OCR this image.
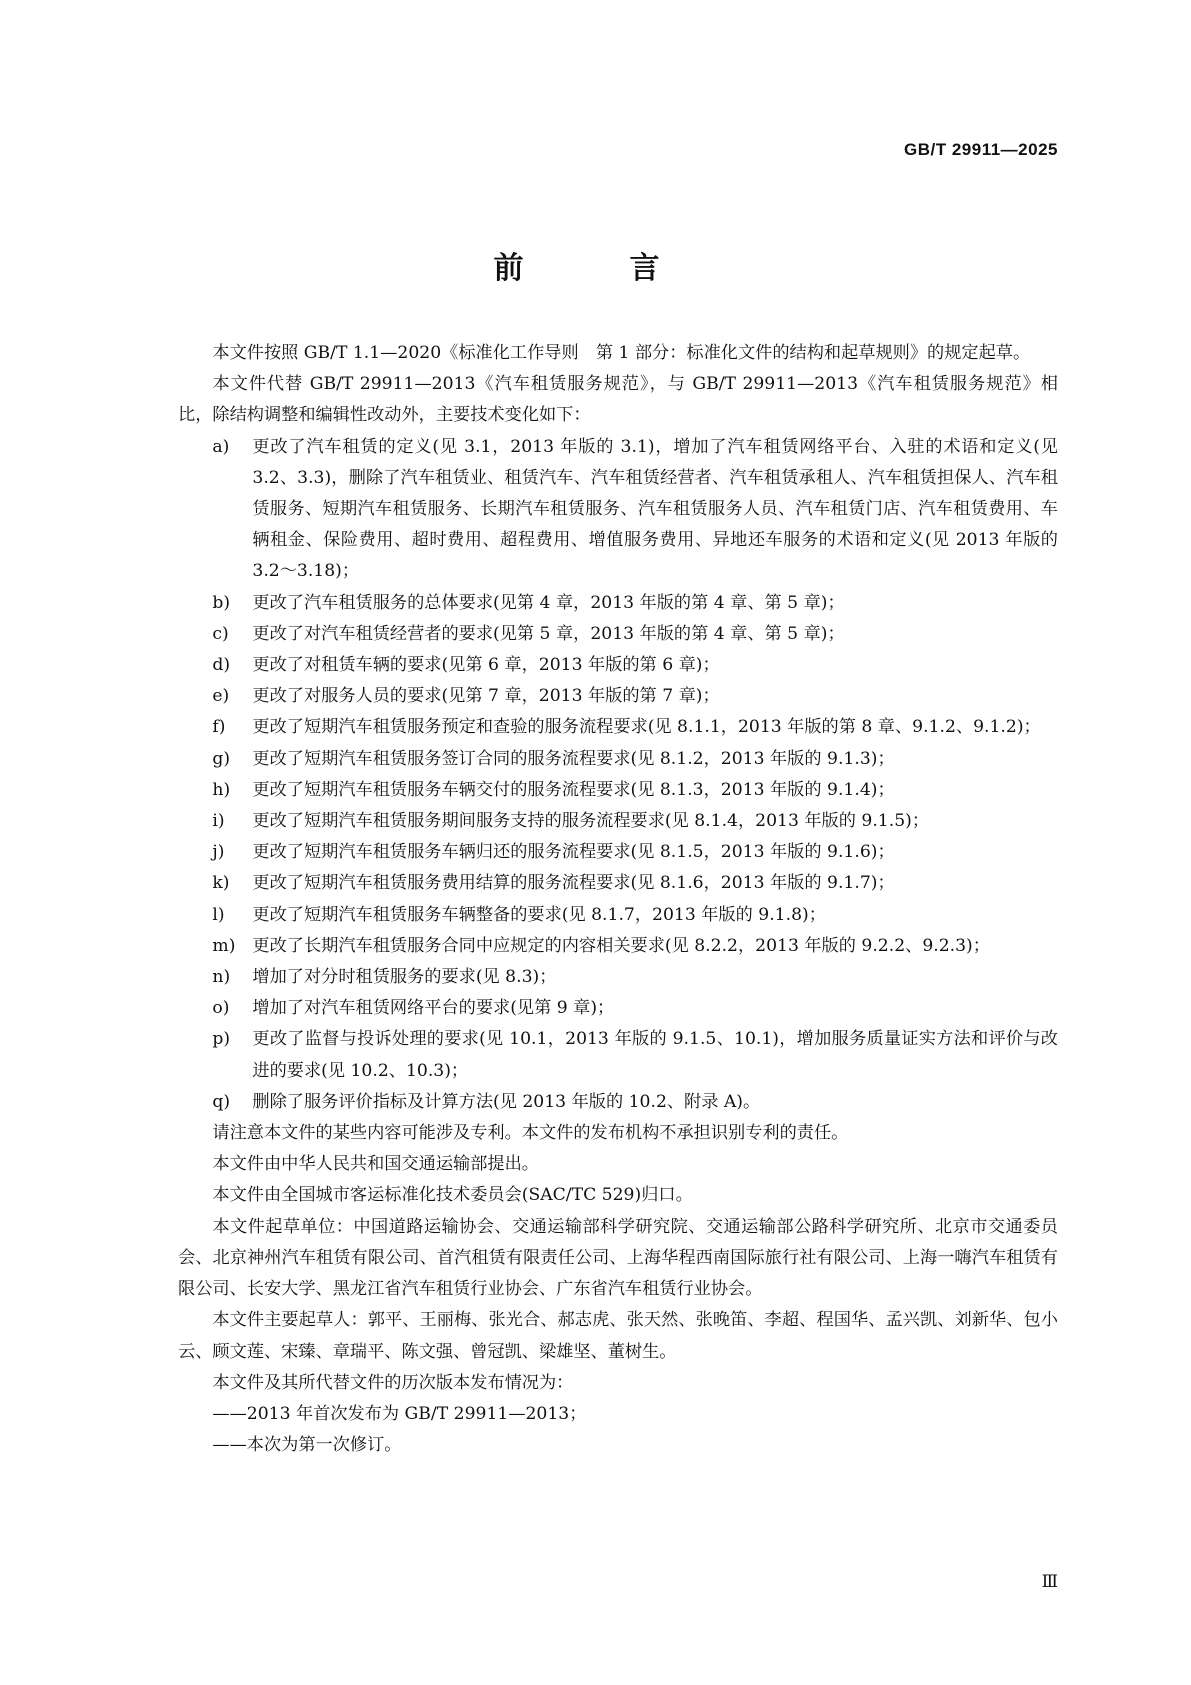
GB/T 29911—2025
前　言

本文件按照 GB/T 1.1—2020《标准化工作导则　第 1 部分：标准化文件的结构和起草规则》的规定起草。

本文件代替 GB/T 29911—2013《汽车租赁服务规范》，与 GB/T 29911—2013《汽车租赁服务规范》相比，除结构调整和编辑性改动外，主要技术变化如下：

a)	更改了汽车租赁的定义(见 3.1，2013 年版的 3.1)，增加了汽车租赁网络平台、入驻的术语和定义(见 3.2、3.3)，删除了汽车租赁业、租赁汽车、汽车租赁经营者、汽车租赁承租人、汽车租赁担保人、汽车租赁服务、短期汽车租赁服务、长期汽车租赁服务、汽车租赁服务人员、汽车租赁门店、汽车租赁费用、车辆租金、保险费用、超时费用、超程费用、增值服务费用、异地还车服务的术语和定义(见 2013 年版的 3.2～3.18)；
b)	更改了汽车租赁服务的总体要求(见第 4 章，2013 年版的第 4 章、第 5 章)；
c)	更改了对汽车租赁经营者的要求(见第 5 章，2013 年版的第 4 章、第 5 章)；
d)	更改了对租赁车辆的要求(见第 6 章，2013 年版的第 6 章)；
e)	更改了对服务人员的要求(见第 7 章，2013 年版的第 7 章)；
f)	更改了短期汽车租赁服务预定和查验的服务流程要求(见 8.1.1，2013 年版的第 8 章、9.1.2、9.1.2)；
g)	更改了短期汽车租赁服务签订合同的服务流程要求(见 8.1.2，2013 年版的 9.1.3)；
h)	更改了短期汽车租赁服务车辆交付的服务流程要求(见 8.1.3，2013 年版的 9.1.4)；
i)	更改了短期汽车租赁服务期间服务支持的服务流程要求(见 8.1.4，2013 年版的 9.1.5)；
j)	更改了短期汽车租赁服务车辆归还的服务流程要求(见 8.1.5，2013 年版的 9.1.6)；
k)	更改了短期汽车租赁服务费用结算的服务流程要求(见 8.1.6，2013 年版的 9.1.7)；
l)	更改了短期汽车租赁服务车辆整备的要求(见 8.1.7，2013 年版的 9.1.8)；
m) 更改了长期汽车租赁服务合同中应规定的内容相关要求(见 8.2.2，2013 年版的 9.2.2、9.2.3)；
n)	增加了对分时租赁服务的要求(见 8.3)；
o)	增加了对汽车租赁网络平台的要求(见第 9 章)；
p)	更改了监督与投诉处理的要求(见 10.1，2013 年版的 9.1.5、10.1)，增加服务质量证实方法和评价与改进的要求(见 10.2、10.3)；
q)	删除了服务评价指标及计算方法(见 2013 年版的 10.2、附录 A)。

请注意本文件的某些内容可能涉及专利。本文件的发布机构不承担识别专利的责任。

本文件由中华人民共和国交通运输部提出。

本文件由全国城市客运标准化技术委员会(SAC/TC 529)归口。

本文件起草单位：中国道路运输协会、交通运输部科学研究院、交通运输部公路科学研究所、北京市交通委员会、北京神州汽车租赁有限公司、首汽租赁有限责任公司、上海华程西南国际旅行社有限公司、上海一嗨汽车租赁有限公司、长安大学、黑龙江省汽车租赁行业协会、广东省汽车租赁行业协会。

本文件主要起草人：郭平、王丽梅、张光合、郝志虎、张天然、张晚笛、李超、程国华、孟兴凯、刘新华、包小云、顾文莲、宋臻、章瑞平、陈文强、曾冠凯、梁雄坚、董树生。

本文件及其所代替文件的历次版本发布情况为：

——2013 年首次发布为 GB/T 29911—2013；

——本次为第一次修订。

Ⅲ
